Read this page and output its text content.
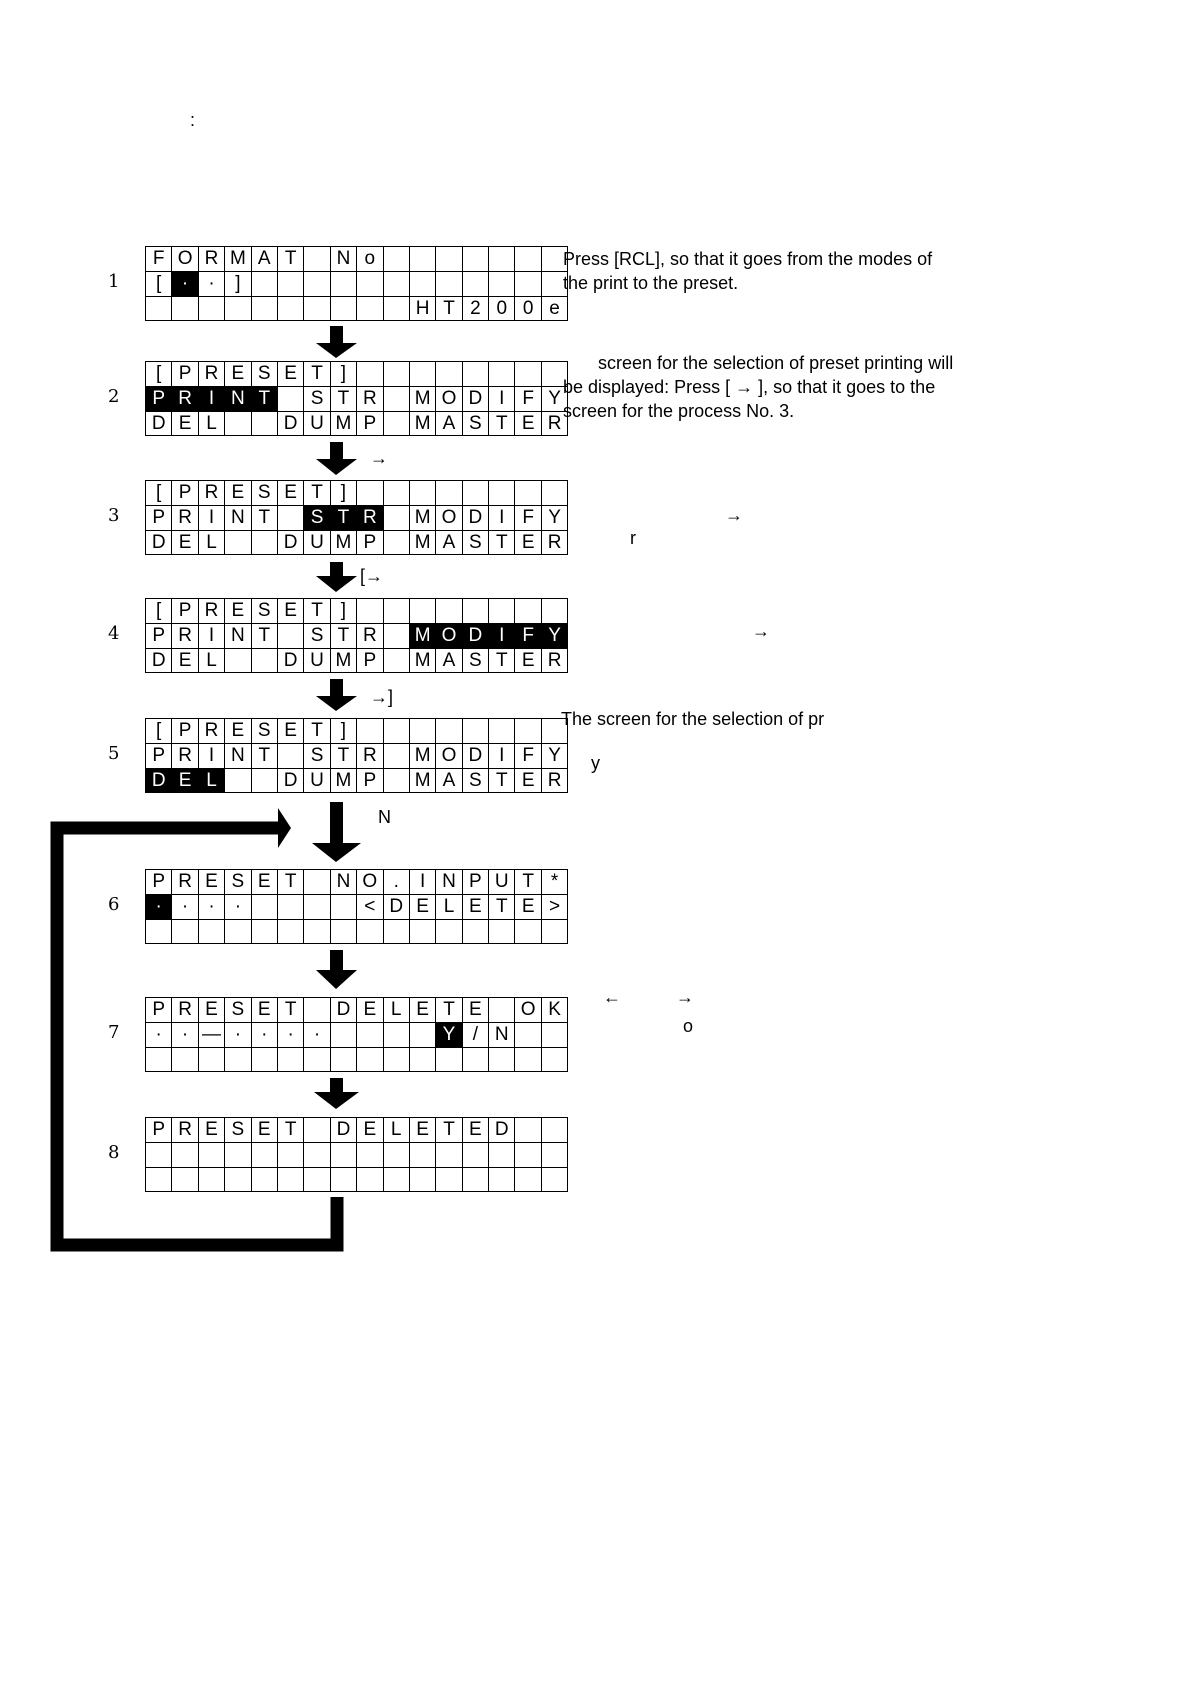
:
1
F	O	R	M	A	T		N	o							
[	·	·	]												
										H	T	2	0	0	e
2
[	P	R	E	S	E	T	]								
P	R	I	N	T		S	T	R		M	O	D	I	F	Y
D	E	L			D	U	M	P		M	A	S	T	E	R
3
[	P	R	E	S	E	T	]								
P	R	I	N	T		S	T	R		M	O	D	I	F	Y
D	E	L			D	U	M	P		M	A	S	T	E	R
4
[	P	R	E	S	E	T	]								
P	R	I	N	T		S	T	R		M	O	D	I	F	Y
D	E	L			D	U	M	P		M	A	S	T	E	R
5
[	P	R	E	S	E	T	]								
P	R	I	N	T		S	T	R		M	O	D	I	F	Y
D	E	L			D	U	M	P		M	A	S	T	E	R
6
P	R	E	S	E	T		N	O	.	I	N	P	U	T	*
·	·	·	·					<	D	E	L	E	T	E	>

7
P	R	E	S	E	T		D	E	L	E	T	E		O	K
·	·	—	·	·	·	·					Y	/	N		

8
P	R	E	S	E	T		D	E	L	E	T	E	D		

Press [RCL], so that it goes from the modes of
the print to the preset.

screen for the selection of preset printing will
be displayed: Press [ → ], so that it goes to the
screen for the process No. 3.

→
r
→
The screen for the selection of pr
y
←           →
o
→
[→
→]
N
